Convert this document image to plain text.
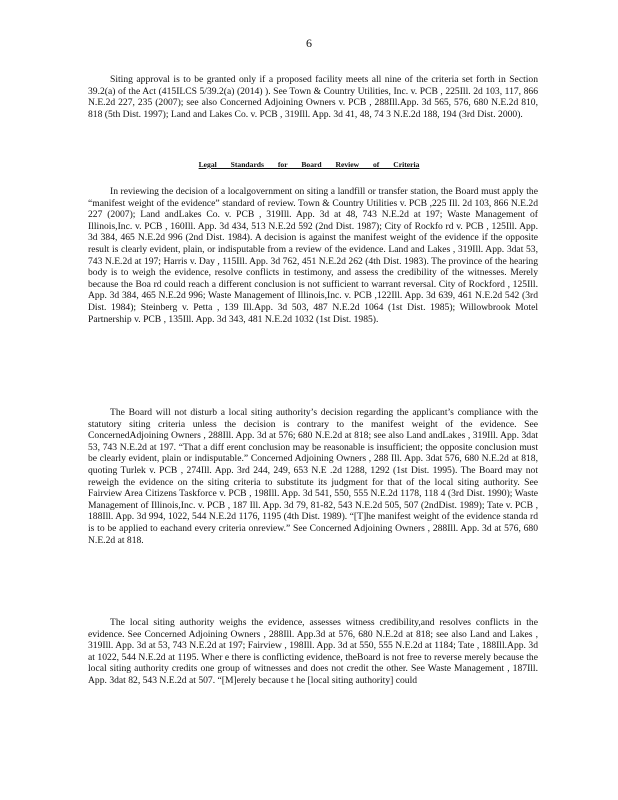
6

Siting approval is to be granted only if a proposed facility meets all nine of the criteria set forth in Section 39.2(a) of the Act (415ILCS 5/39.2(a) (2014) ). See Town & Country Utilities, Inc. v. PCB , 225Ill. 2d 103, 117, 866 N.E.2d 227, 235 (2007); see also Concerned Adjoining Owners v. PCB , 288Ill.App. 3d 565, 576, 680 N.E.2d 810, 818 (5th Dist. 1997); Land and Lakes Co. v. PCB , 319Ill. App. 3d 41, 48, 74 3 N.E.2d 188, 194 (3rd Dist. 2000).

Legal Standards for Board Review of Criteria

In reviewing the decision of a localgovernment on siting a landfill or transfer station, the Board must apply the “manifest weight of the evidence” standard of review. Town & Country Utilities v. PCB ,225 Ill. 2d 103, 866 N.E.2d 227 (2007); Land andLakes Co. v. PCB , 319Ill. App. 3d at 48, 743 N.E.2d at 197; Waste Management of Illinois,Inc. v. PCB , 160Ill. App. 3d 434, 513 N.E.2d 592 (2nd Dist. 1987); City of Rockfo rd v. PCB , 125Ill. App. 3d 384, 465 N.E.2d 996 (2nd Dist. 1984). A decision is against the manifest weight of the evidence if the opposite result is clearly evident, plain, or indisputable from a review of the evidence. Land and Lakes , 319Ill. App. 3dat 53, 743 N.E.2d at 197; Harris v. Day , 115Ill. App. 3d 762, 451 N.E.2d 262 (4th Dist. 1983). The province of the hearing body is to weigh the evidence, resolve conflicts in testimony, and assess the credibility of the witnesses. Merely because the Boa rd could reach a different conclusion is not sufficient to warrant reversal. City of Rockford , 125Ill. App. 3d 384, 465 N.E.2d 996; Waste Management of Illinois,Inc. v. PCB ,122Ill. App. 3d 639, 461 N.E.2d 542 (3rd Dist. 1984); Steinberg v. Petta , 139 Ill.App. 3d 503, 487 N.E.2d 1064 (1st Dist. 1985); Willowbrook Motel Partnership v. PCB , 135Ill. App. 3d 343, 481 N.E.2d 1032 (1st Dist. 1985).

The Board will not disturb a local siting authority’s decision regarding the applicant’s compliance with the statutory siting criteria unless the decision is contrary to the manifest weight of the evidence. See ConcernedAdjoining Owners , 288Ill. App. 3d at 576; 680 N.E.2d at 818; see also Land andLakes , 319Ill. App. 3dat 53, 743 N.E.2d at 197. “That a diff erent conclusion may be reasonable is insufficient; the opposite conclusion must be clearly evident, plain or indisputable.” Concerned Adjoining Owners , 288 Ill. App. 3dat 576, 680 N.E.2d at 818, quoting Turlek v. PCB , 274Ill. App. 3rd 244, 249, 653 N.E .2d 1288, 1292 (1st Dist. 1995). The Board may not reweigh the evidence on the siting criteria to substitute its judgment for that of the local siting authority. See Fairview Area Citizens Taskforce v. PCB , 198Ill. App. 3d 541, 550, 555 N.E.2d 1178, 118 4 (3rd Dist. 1990); Waste Management of Illinois,Inc. v. PCB , 187 Ill. App. 3d 79, 81-82, 543 N.E.2d 505, 507 (2ndDist. 1989); Tate v. PCB , 188Ill. App. 3d 994, 1022, 544 N.E.2d 1176, 1195 (4th Dist. 1989). “[T]he manifest weight of the evidence standa rd is to be applied to eachand every criteria onreview.” See Concerned Adjoining Owners , 288Ill. App. 3d at 576, 680 N.E.2d at 818.

The local siting authority weighs the evidence, assesses witness credibility,and resolves conflicts in the evidence. See Concerned Adjoining Owners , 288Ill. App.3d at 576, 680 N.E.2d at 818; see also Land and Lakes , 319Ill. App. 3d at 53, 743 N.E.2d at 197; Fairview , 198Ill. App. 3d at 550, 555 N.E.2d at 1184; Tate , 188Ill.App. 3d at 1022, 544 N.E.2d at 1195. Wher e there is conflicting evidence, theBoard is not free to reverse merely because the local siting authority credits one group of witnesses and does not credit the other. See Waste Management , 187Ill. App. 3dat 82, 543 N.E.2d at 507. “[M]erely because t he [local siting authority] could
